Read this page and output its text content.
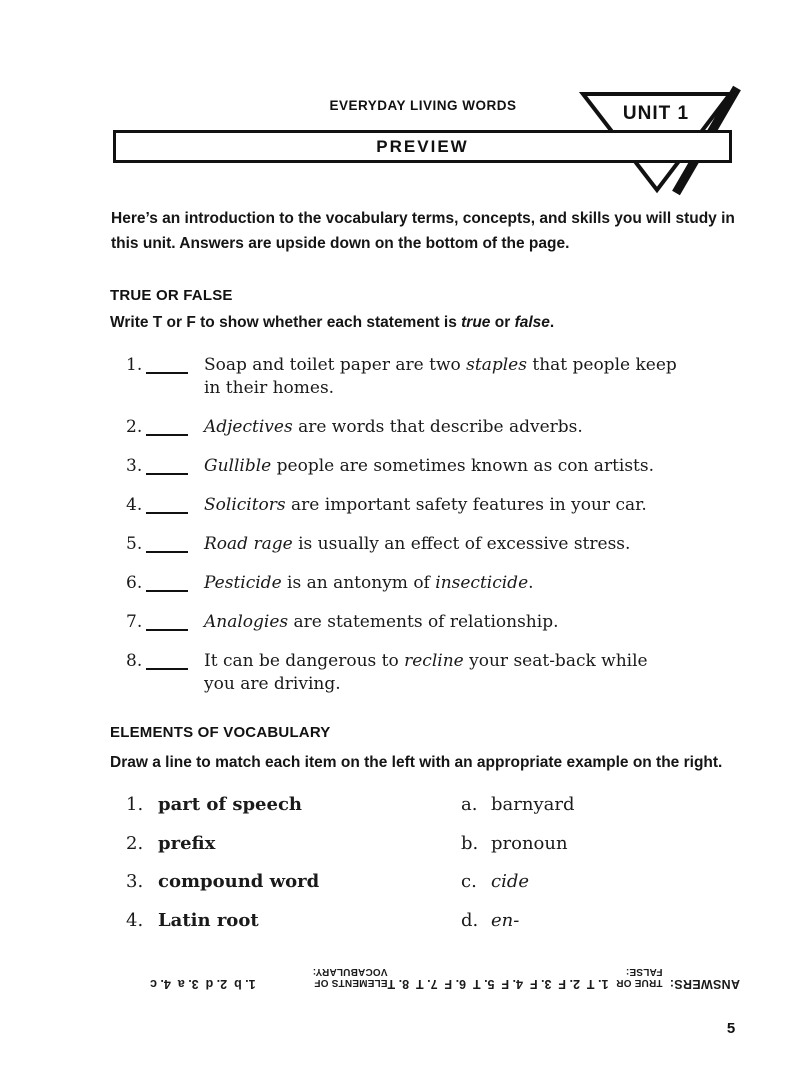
EVERYDAY LIVING WORDS	UNIT 1
PREVIEW

Here’s an introduction to the vocabulary terms, concepts, and skills you will study in
this unit. Answers are upside down on the bottom of the page.

TRUE OR FALSE

Write T or F to show whether each statement is true or false.

1.	Soap and toilet paper are two staples that people keep
in their homes.
2.	Adjectives are words that describe adverbs.
3.	Gullible people are sometimes known as con artists.
4.	Solicitors are important safety features in your car.
5.	Road rage is usually an effect of excessive stress.
6.	Pesticide is an antonym of insecticide.
7.	Analogies are statements of relationship.
8.	It can be dangerous to recline your seat-back while
you are driving.
ELEMENTS OF VOCABULARY

Draw a line to match each item on the left with an appropriate example on the right.

1. part of speech	a. barnyard
2. prefix	b. pronoun
3. compound word	c. cide
4. Latin root	d. en-
ANSWERS:
TRUE OR FALSE:
1. T  2. F  3. F  4. F  5. T  6. F  7. T  8. T
ELEMENTS OF VOCABULARY:
1. b  2. d  3. a  4. c
5
